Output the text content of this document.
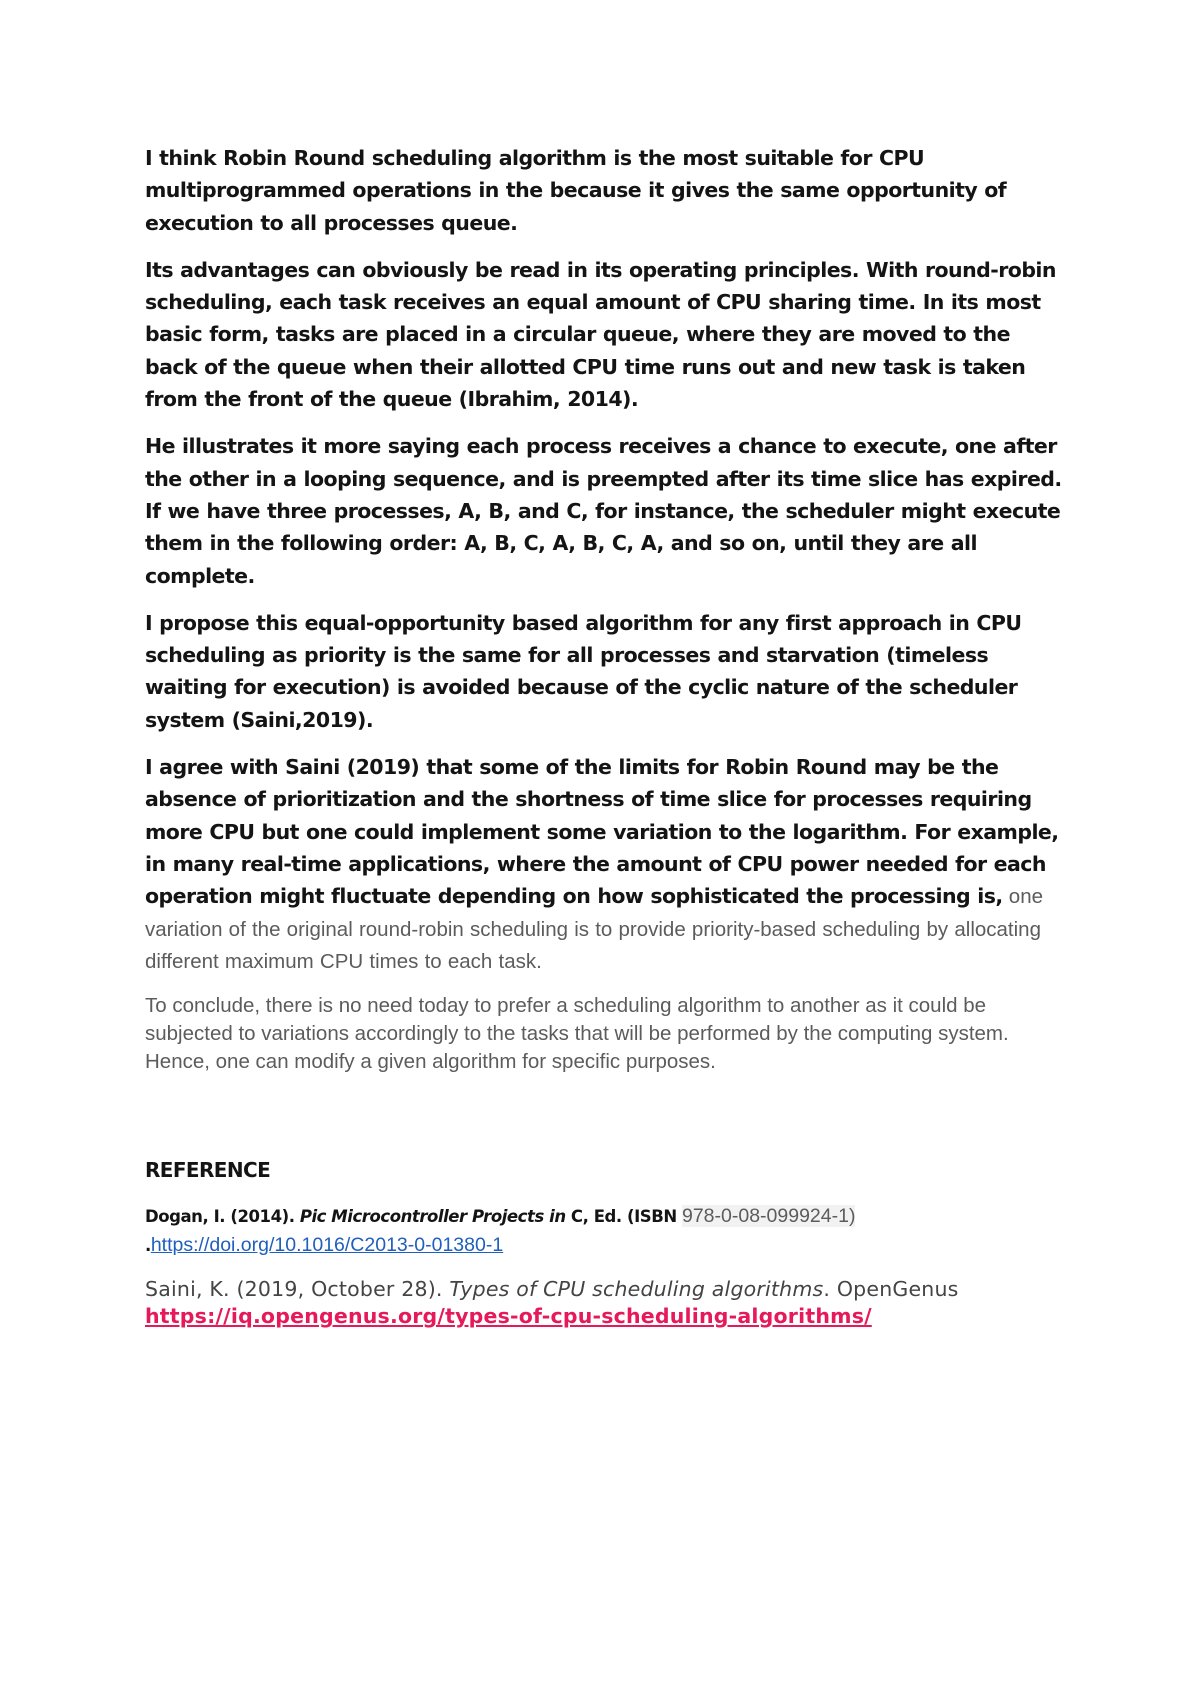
I think Robin Round scheduling algorithm is the most suitable for CPU multiprogrammed operations in the because it gives the same opportunity of execution to all processes queue.

Its advantages can obviously be read in its operating principles. With round-robin scheduling, each task receives an equal amount of CPU sharing time. In its most basic form, tasks are placed in a circular queue, where they are moved to the back of the queue when their allotted CPU time runs out and new task is taken from the front of the queue (Ibrahim, 2014).

He illustrates it more saying each process receives a chance to execute, one after the other in a looping sequence, and is preempted after its time slice has expired. If we have three processes, A, B, and C, for instance, the scheduler might execute them in the following order: A, B, C, A, B, C, A, and so on, until they are all complete.

I propose this equal-opportunity based algorithm for any first approach in CPU scheduling as priority is the same for all processes and starvation (timeless waiting for execution) is avoided because of the cyclic nature of the scheduler system (Saini,2019).

I agree with Saini (2019) that some of the limits for Robin Round may be the absence of prioritization and the shortness of time slice for processes requiring more CPU but one could implement some variation to the logarithm. For example, in many real-time applications, where the amount of CPU power needed for each operation might fluctuate depending on how sophisticated the processing is, one variation of the original round-robin scheduling is to provide priority-based scheduling by allocating different maximum CPU times to each task.

To conclude, there is no need today to prefer a scheduling algorithm to another as it could be subjected to variations accordingly to the tasks that will be performed by the computing system. Hence, one can modify a given algorithm for specific purposes.

REFERENCE
Dogan, I. (2014). Pic Microcontroller Projects in C, Ed. (ISBN 978-0-08-099924-1) .https://doi.org/10.1016/C2013-0-01380-1
Saini, K. (2019, October 28). Types of CPU scheduling algorithms. OpenGenus https://iq.opengenus.org/types-of-cpu-scheduling-algorithms/
